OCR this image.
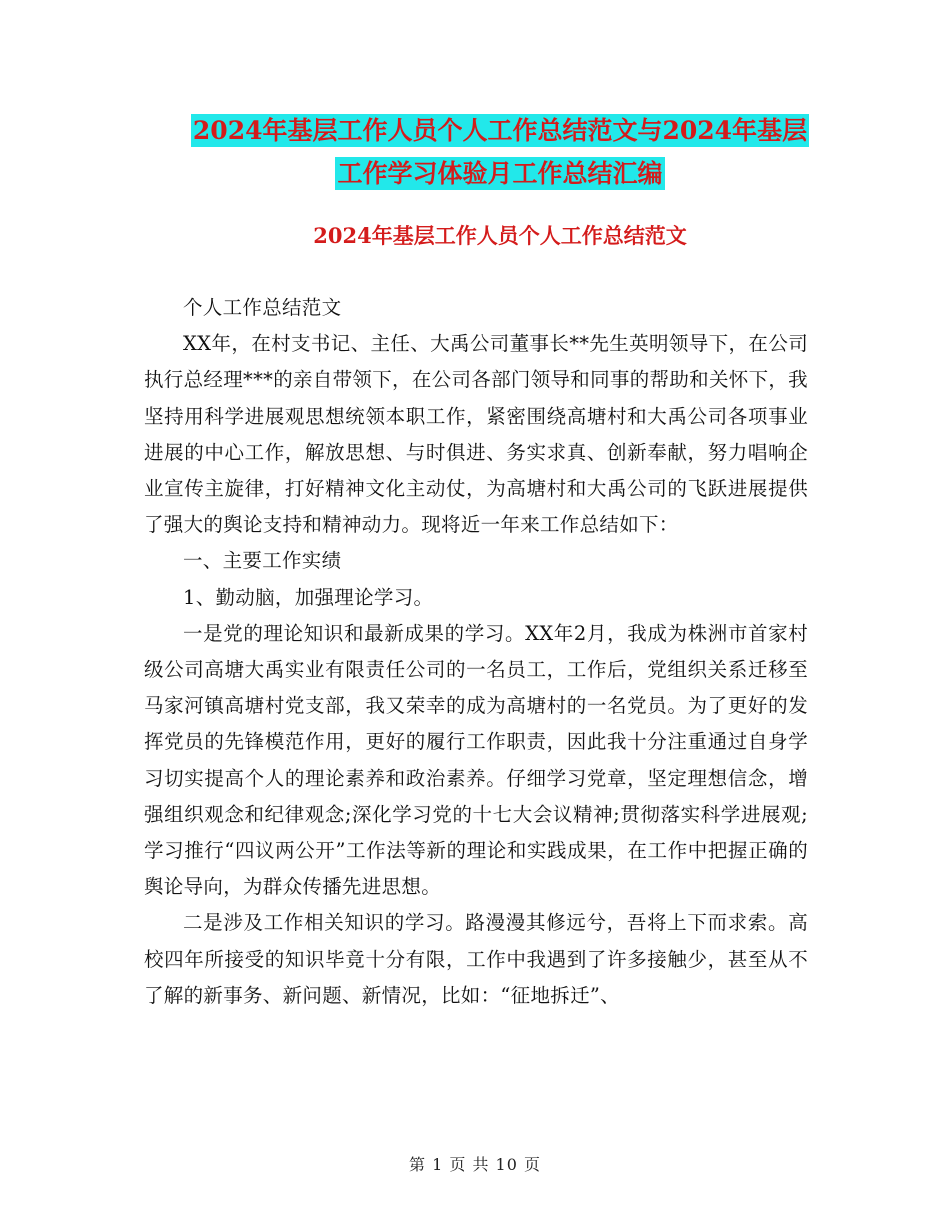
2024年基层工作人员个人工作总结范文与2024年基层
工作学习体验月工作总结汇编
2024年基层工作人员个人工作总结范文

个人工作总结范文

XX年，在村支书记、主任、大禹公司董事长**先生英明领导下，在公司执行总经理***的亲自带领下，在公司各部门领导和同事的帮助和关怀下，我坚持用科学进展观思想统领本职工作，紧密围绕高塘村和大禹公司各项事业进展的中心工作，解放思想、与时俱进、务实求真、创新奉献，努力唱响企业宣传主旋律，打好精神文化主动仗，为高塘村和大禹公司的飞跃进展提供了强大的舆论支持和精神动力。现将近一年来工作总结如下：

一、主要工作实绩

1、勤动脑，加强理论学习。

一是党的理论知识和最新成果的学习。XX年2月，我成为株洲市首家村级公司高塘大禹实业有限责任公司的一名员工，工作后，党组织关系迁移至马家河镇高塘村党支部，我又荣幸的成为高塘村的一名党员。为了更好的发挥党员的先锋模范作用，更好的履行工作职责，因此我十分注重通过自身学习切实提高个人的理论素养和政治素养。仔细学习党章，坚定理想信念，增强组织观念和纪律观念;深化学习党的十七大会议精神;贯彻落实科学进展观;学习推行“四议两公开”工作法等新的理论和实践成果，在工作中把握正确的舆论导向，为群众传播先进思想。

二是涉及工作相关知识的学习。路漫漫其修远兮，吾将上下而求索。高校四年所接受的知识毕竟十分有限，工作中我遇到了许多接触少，甚至从不了解的新事务、新问题、新情况，比如：“征地拆迁”、

第 1 页 共 10 页
